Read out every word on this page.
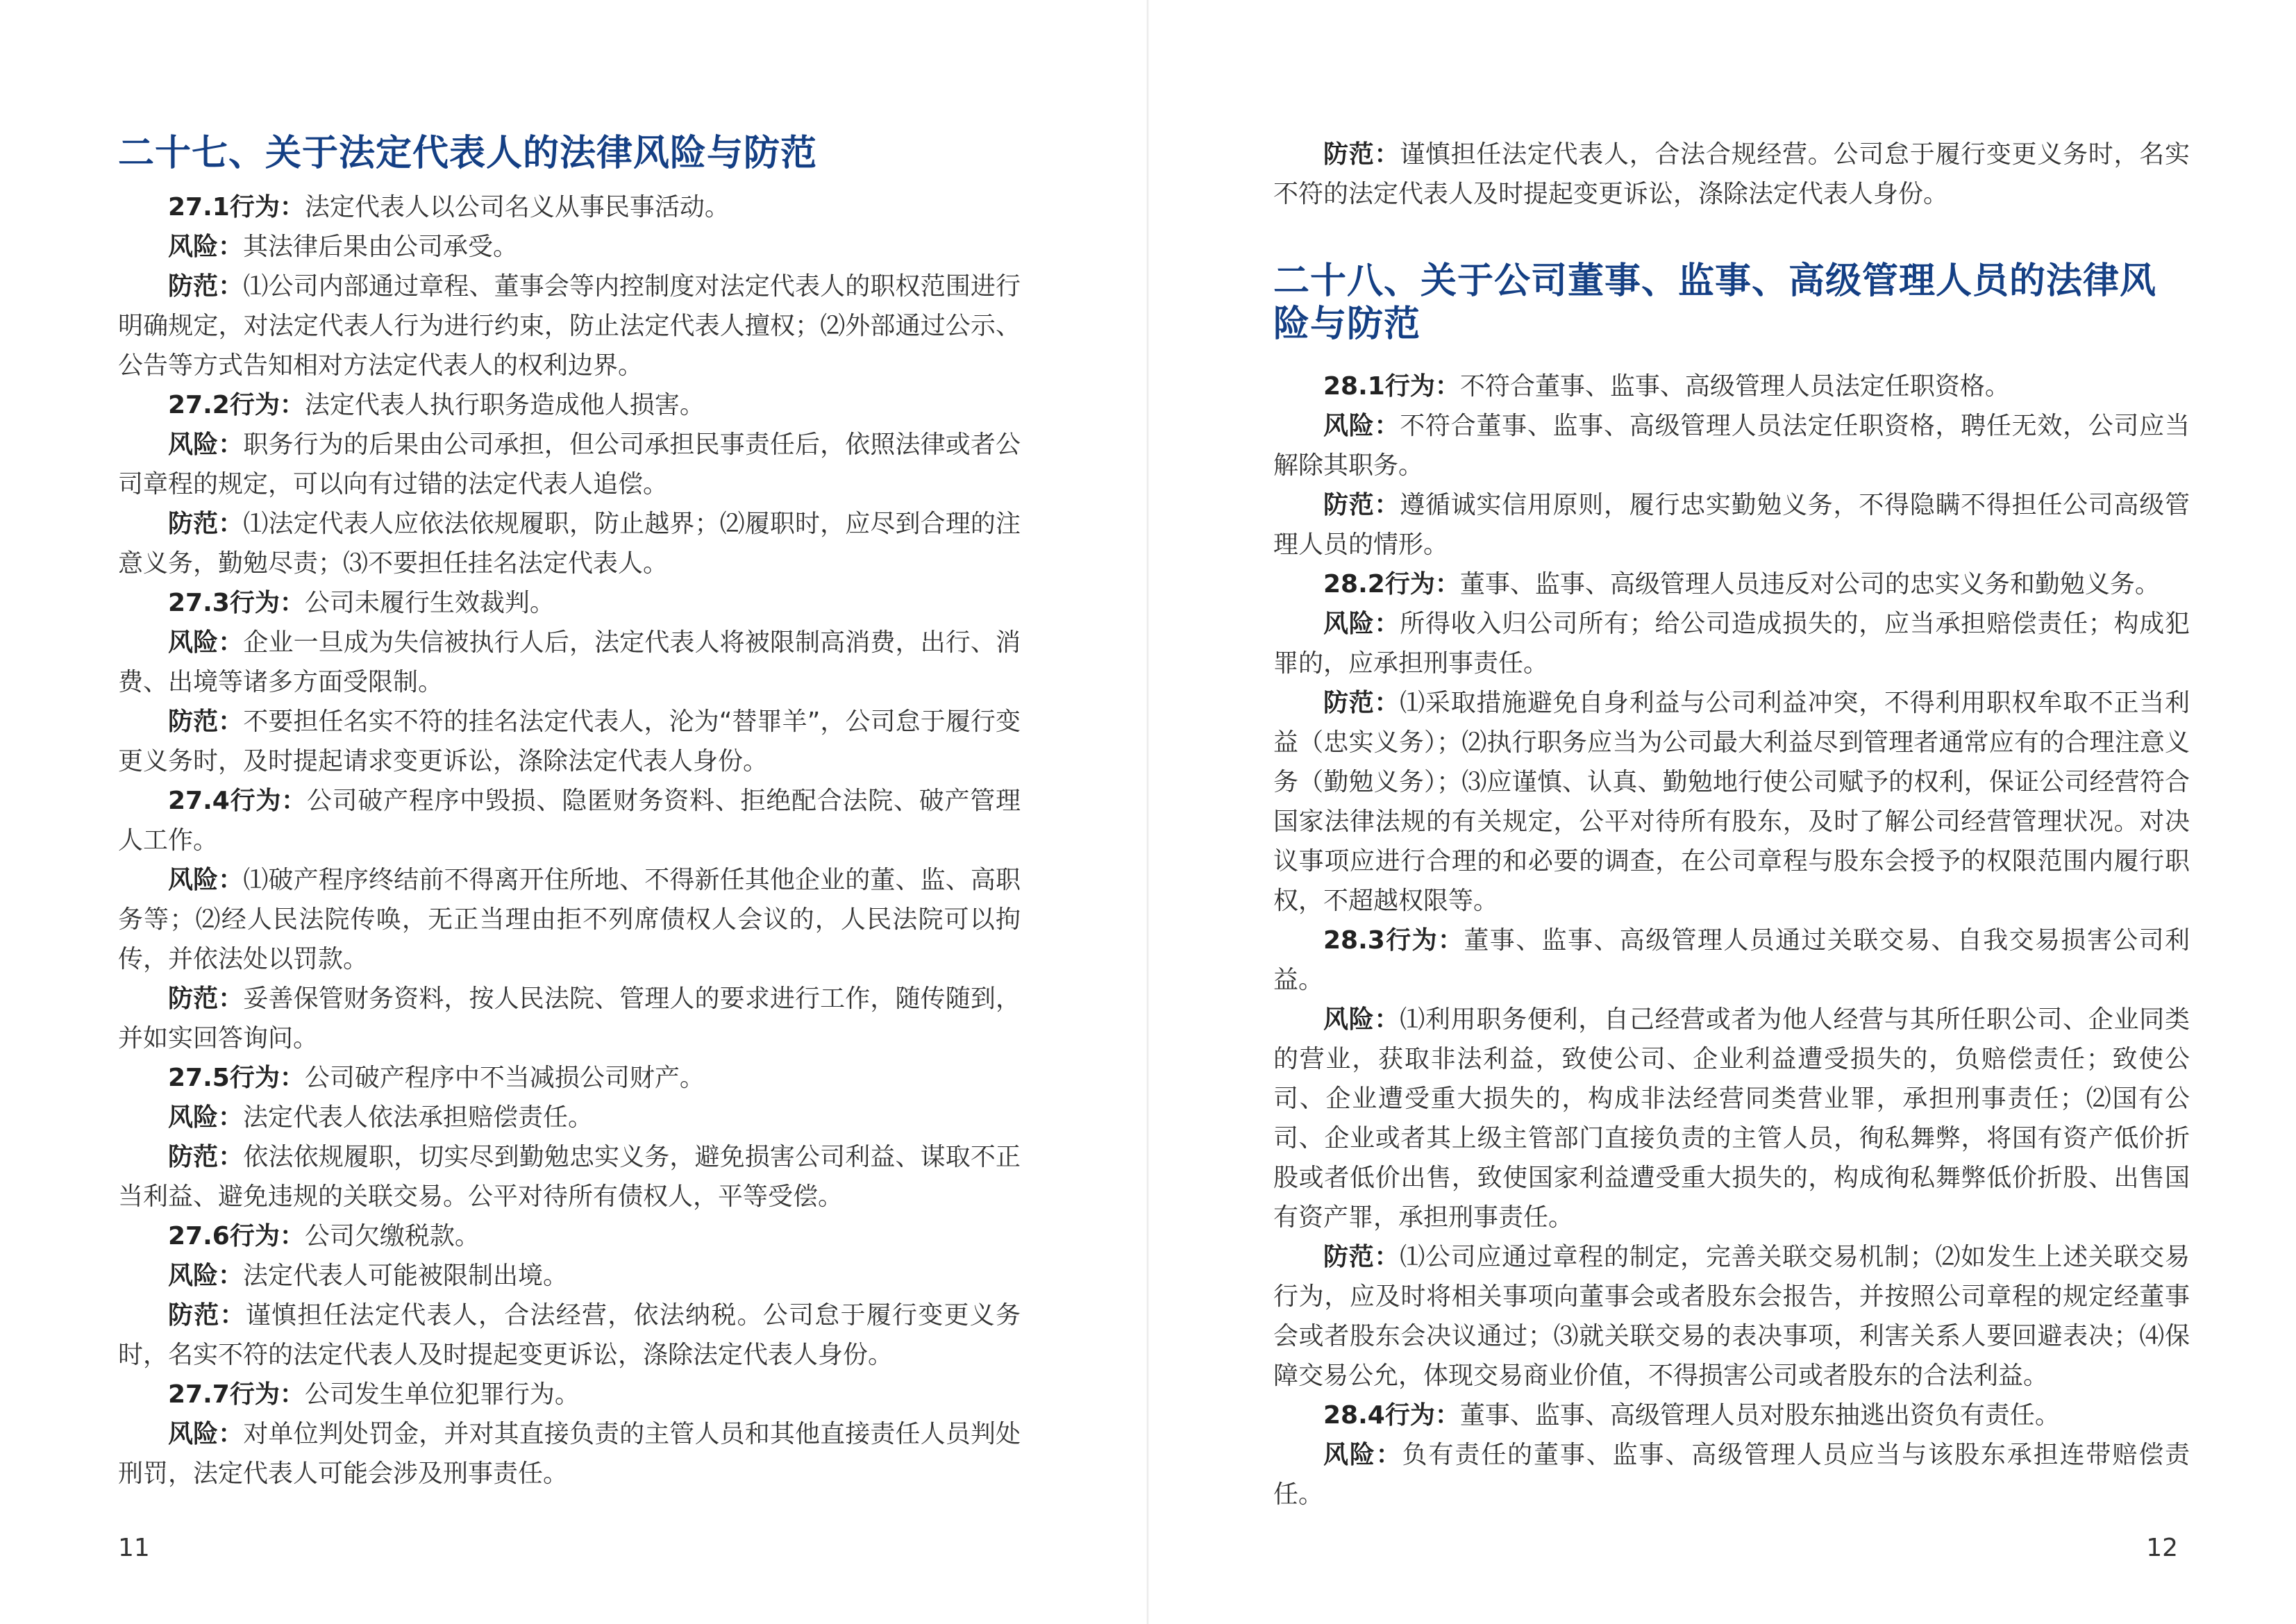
二十七、关于法定代表人的法律风险与防范

27.1行为：法定代表人以公司名义从事民事活动。

风险：其法律后果由公司承受。

防范：⑴公司内部通过章程、董事会等内控制度对法定代表人的职权范围进行明确规定，对法定代表人行为进行约束，防止法定代表人擅权；⑵外部通过公示、公告等方式告知相对方法定代表人的权利边界。

27.2行为：法定代表人执行职务造成他人损害。

风险：职务行为的后果由公司承担，但公司承担民事责任后，依照法律或者公司章程的规定，可以向有过错的法定代表人追偿。

防范：⑴法定代表人应依法依规履职，防止越界；⑵履职时，应尽到合理的注意义务，勤勉尽责；⑶不要担任挂名法定代表人。

27.3行为：公司未履行生效裁判。

风险：企业一旦成为失信被执行人后，法定代表人将被限制高消费，出行、消费、出境等诸多方面受限制。

防范：不要担任名实不符的挂名法定代表人，沦为“替罪羊”，公司怠于履行变更义务时，及时提起请求变更诉讼，涤除法定代表人身份。

27.4行为：公司破产程序中毁损、隐匿财务资料、拒绝配合法院、破产管理人工作。

风险：⑴破产程序终结前不得离开住所地、不得新任其他企业的董、监、高职务等；⑵经人民法院传唤，无正当理由拒不列席债权人会议的，人民法院可以拘传，并依法处以罚款。

防范：妥善保管财务资料，按人民法院、管理人的要求进行工作，随传随到，并如实回答询问。

27.5行为：公司破产程序中不当减损公司财产。

风险：法定代表人依法承担赔偿责任。

防范：依法依规履职，切实尽到勤勉忠实义务，避免损害公司利益、谋取不正当利益、避免违规的关联交易。公平对待所有债权人，平等受偿。

27.6行为：公司欠缴税款。

风险：法定代表人可能被限制出境。

防范：谨慎担任法定代表人，合法经营，依法纳税。公司怠于履行变更义务时，名实不符的法定代表人及时提起变更诉讼，涤除法定代表人身份。

27.7行为：公司发生单位犯罪行为。

风险：对单位判处罚金，并对其直接负责的主管人员和其他直接责任人员判处刑罚，法定代表人可能会涉及刑事责任。

11

防范：谨慎担任法定代表人，合法合规经营。公司怠于履行变更义务时，名实不符的法定代表人及时提起变更诉讼，涤除法定代表人身份。

二十八、关于公司董事、监事、高级管理人员的法律风险与防范

28.1行为：不符合董事、监事、高级管理人员法定任职资格。

风险：不符合董事、监事、高级管理人员法定任职资格，聘任无效，公司应当解除其职务。

防范：遵循诚实信用原则，履行忠实勤勉义务，不得隐瞒不得担任公司高级管理人员的情形。

28.2行为：董事、监事、高级管理人员违反对公司的忠实义务和勤勉义务。

风险：所得收入归公司所有；给公司造成损失的，应当承担赔偿责任；构成犯罪的，应承担刑事责任。

防范：⑴采取措施避免自身利益与公司利益冲突，不得利用职权牟取不正当利益（忠实义务）；⑵执行职务应当为公司最大利益尽到管理者通常应有的合理注意义务（勤勉义务）；⑶应谨慎、认真、勤勉地行使公司赋予的权利，保证公司经营符合国家法律法规的有关规定，公平对待所有股东，及时了解公司经营管理状况。对决议事项应进行合理的和必要的调查，在公司章程与股东会授予的权限范围内履行职权，不超越权限等。

28.3行为：董事、监事、高级管理人员通过关联交易、自我交易损害公司利益。

风险：⑴利用职务便利，自己经营或者为他人经营与其所任职公司、企业同类的营业，获取非法利益，致使公司、企业利益遭受损失的，负赔偿责任；致使公司、企业遭受重大损失的，构成非法经营同类营业罪，承担刑事责任；⑵国有公司、企业或者其上级主管部门直接负责的主管人员，徇私舞弊，将国有资产低价折股或者低价出售，致使国家利益遭受重大损失的，构成徇私舞弊低价折股、出售国有资产罪，承担刑事责任。

防范：⑴公司应通过章程的制定，完善关联交易机制；⑵如发生上述关联交易行为，应及时将相关事项向董事会或者股东会报告，并按照公司章程的规定经董事会或者股东会决议通过；⑶就关联交易的表决事项，利害关系人要回避表决；⑷保障交易公允，体现交易商业价值，不得损害公司或者股东的合法利益。

28.4行为：董事、监事、高级管理人员对股东抽逃出资负有责任。

风险：负有责任的董事、监事、高级管理人员应当与该股东承担连带赔偿责任。

12
